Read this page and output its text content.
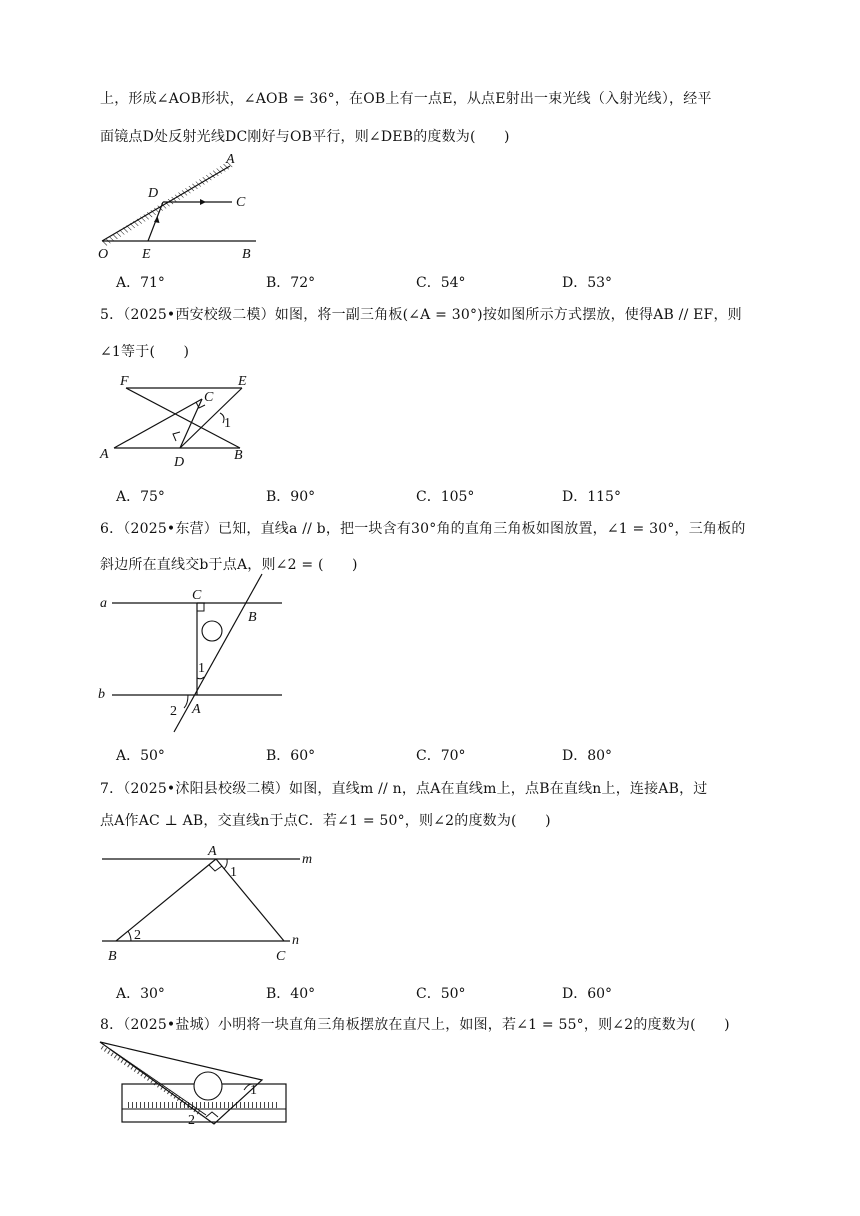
上，形成∠AOB形状，∠AOB = 36°，在OB上有一点E，从点E射出一束光线（入射光线），经平
面镜点D处反射光线DC刚好与OB平行，则∠DEB的度数为(　　)
A
D
C
O E	B
A．71°	B．72°	C．54°	D．53°
5．（2025•西安校级二模）如图，将一副三角板(∠A = 30°)按如图所示方式摆放，使得AB // EF，则
∠1等于(　　)
F	E
C
1
A
D	B
A．75°	B．90°	C．105°	D．115°
6．（2025•东营）已知，直线a // b，把一块含有30°角的直角三角板如图放置，∠1 = 30°，三角板的
斜边所在直线交b于点A，则∠2 = (　　)
a
C
B
1
b
2 A
A．50°	B．60°	C．70°	D．80°
7．（2025•沭阳县校级二模）如图，直线m // n，点A在直线m上，点B在直线n上，连接AB，过
点A作AC ⊥ AB，交直线n于点C．若∠1 = 50°，则∠2的度数为(　　)
A
1
m
2	n
B	C
A．30°	B．40°	C．50°	D．60°
8．（2025•盐城）小明将一块直角三角板摆放在直尺上，如图，若∠1 = 55°，则∠2的度数为(　　)
1
2
